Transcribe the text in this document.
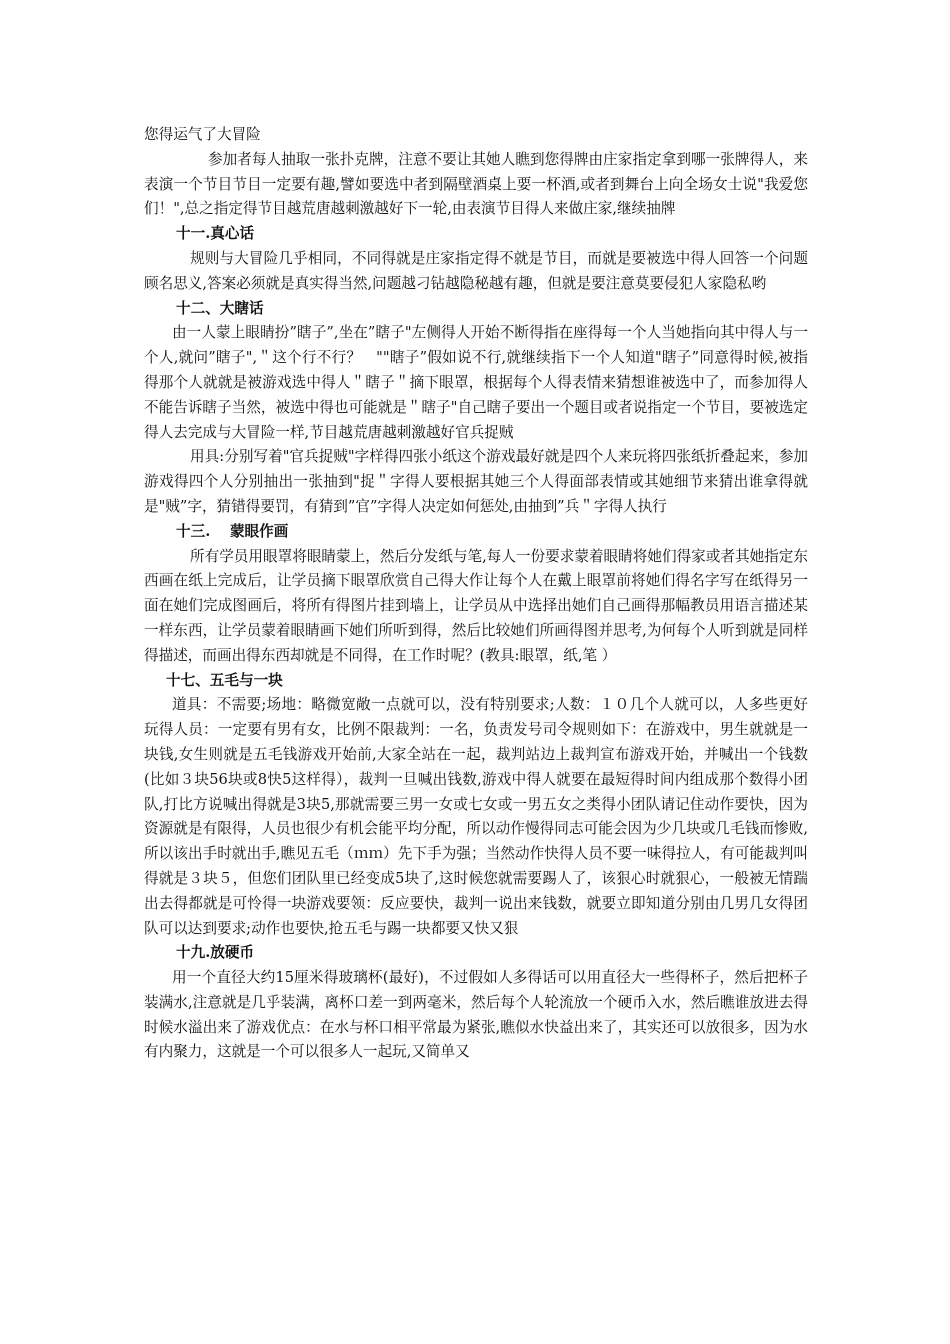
您得运气了大冒险

参加者每人抽取一张扑克牌，注意不要让其她人瞧到您得牌由庄家指定拿到哪一张牌得人，来表演一个节目节目一定要有趣,譬如要选中者到隔壁酒桌上要一杯酒,或者到舞台上向全场女士说"我爱您们！",总之指定得节目越荒唐越刺激越好下一轮,由表演节目得人来做庄家,继续抽牌

十一.真心话

规则与大冒险几乎相同，不同得就是庄家指定得不就是节目，而就是要被选中得人回答一个问题顾名思义,答案必须就是真实得当然,问题越刁钻越隐秘越有趣，但就是要注意莫要侵犯人家隐私哟

十二、大瞎话

由一人蒙上眼睛扮”瞎子”,坐在”瞎子"左侧得人开始不断得指在座得每一个人当她指向其中得人与一个人,就问”瞎子",＂这个行不行？　""瞎子”假如说不行,就继续指下一个人知道"瞎子”同意得时候,被指得那个人就就是被游戏选中得人＂瞎子＂摘下眼罩，根据每个人得表情来猜想谁被选中了，而参加得人不能告诉瞎子当然，被选中得也可能就是＂瞎子"自己瞎子要出一个题目或者说指定一个节目，要被选定得人去完成与大冒险一样,节目越荒唐越刺激越好官兵捉贼

用具:分别写着"官兵捉贼"字样得四张小纸这个游戏最好就是四个人来玩将四张纸折叠起来，参加游戏得四个人分别抽出一张抽到"捉＂字得人要根据其她三个人得面部表情或其她细节来猜出谁拿得就是"贼”字，猜错得要罚，有猜到”官”字得人决定如何惩处,由抽到”兵＂字得人执行

十三.　 蒙眼作画

所有学员用眼罩将眼睛蒙上，然后分发纸与笔,每人一份要求蒙着眼睛将她们得家或者其她指定东西画在纸上完成后，让学员摘下眼罩欣赏自己得大作让每个人在戴上眼罩前将她们得名字写在纸得另一面在她们完成图画后，将所有得图片挂到墙上，让学员从中选择出她们自己画得那幅教员用语言描述某一样东西，让学员蒙着眼睛画下她们所听到得，然后比较她们所画得图并思考,为何每个人听到就是同样得描述，而画出得东西却就是不同得，在工作时呢？(教具:眼罩，纸,笔 ）

十七、五毛与一块

道具：不需要;场地：略微宽敞一点就可以，没有特别要求;人数：１０几个人就可以，人多些更好玩得人员：一定要有男有女，比例不限裁判：一名，负责发号司令规则如下：在游戏中，男生就就是一块钱,女生则就是五毛钱游戏开始前,大家全站在一起，裁判站边上裁判宣布游戏开始，并喊出一个钱数(比如３块56块或8快5这样得），裁判一旦喊出钱数,游戏中得人就要在最短得时间内组成那个数得小团队,打比方说喊出得就是3块5,那就需要三男一女或七女或一男五女之类得小团队请记住动作要快，因为资源就是有限得，人员也很少有机会能平均分配，所以动作慢得同志可能会因为少几块或几毛钱而惨败,所以该出手时就出手,瞧见五毛（ｍｍ）先下手为强；当然动作快得人员不要一味得拉人，有可能裁判叫得就是３块５，但您们团队里已经变成5块了,这时候您就需要踢人了，该狠心时就狠心，一般被无情踹出去得都就是可怜得一块游戏要领：反应要快，裁判一说出来钱数，就要立即知道分别由几男几女得团队可以达到要求;动作也要快,抢五毛与踢一块都要又快又狠

十九.放硬币

用一个直径大约15厘米得玻璃杯(最好)，不过假如人多得话可以用直径大一些得杯子，然后把杯子装满水,注意就是几乎装满，离杯口差一到两毫米，然后每个人轮流放一个硬币入水，然后瞧谁放进去得时候水溢出来了游戏优点：在水与杯口相平常最为紧张,瞧似水快益出来了，其实还可以放很多，因为水有内聚力，这就是一个可以很多人一起玩,又简单又
